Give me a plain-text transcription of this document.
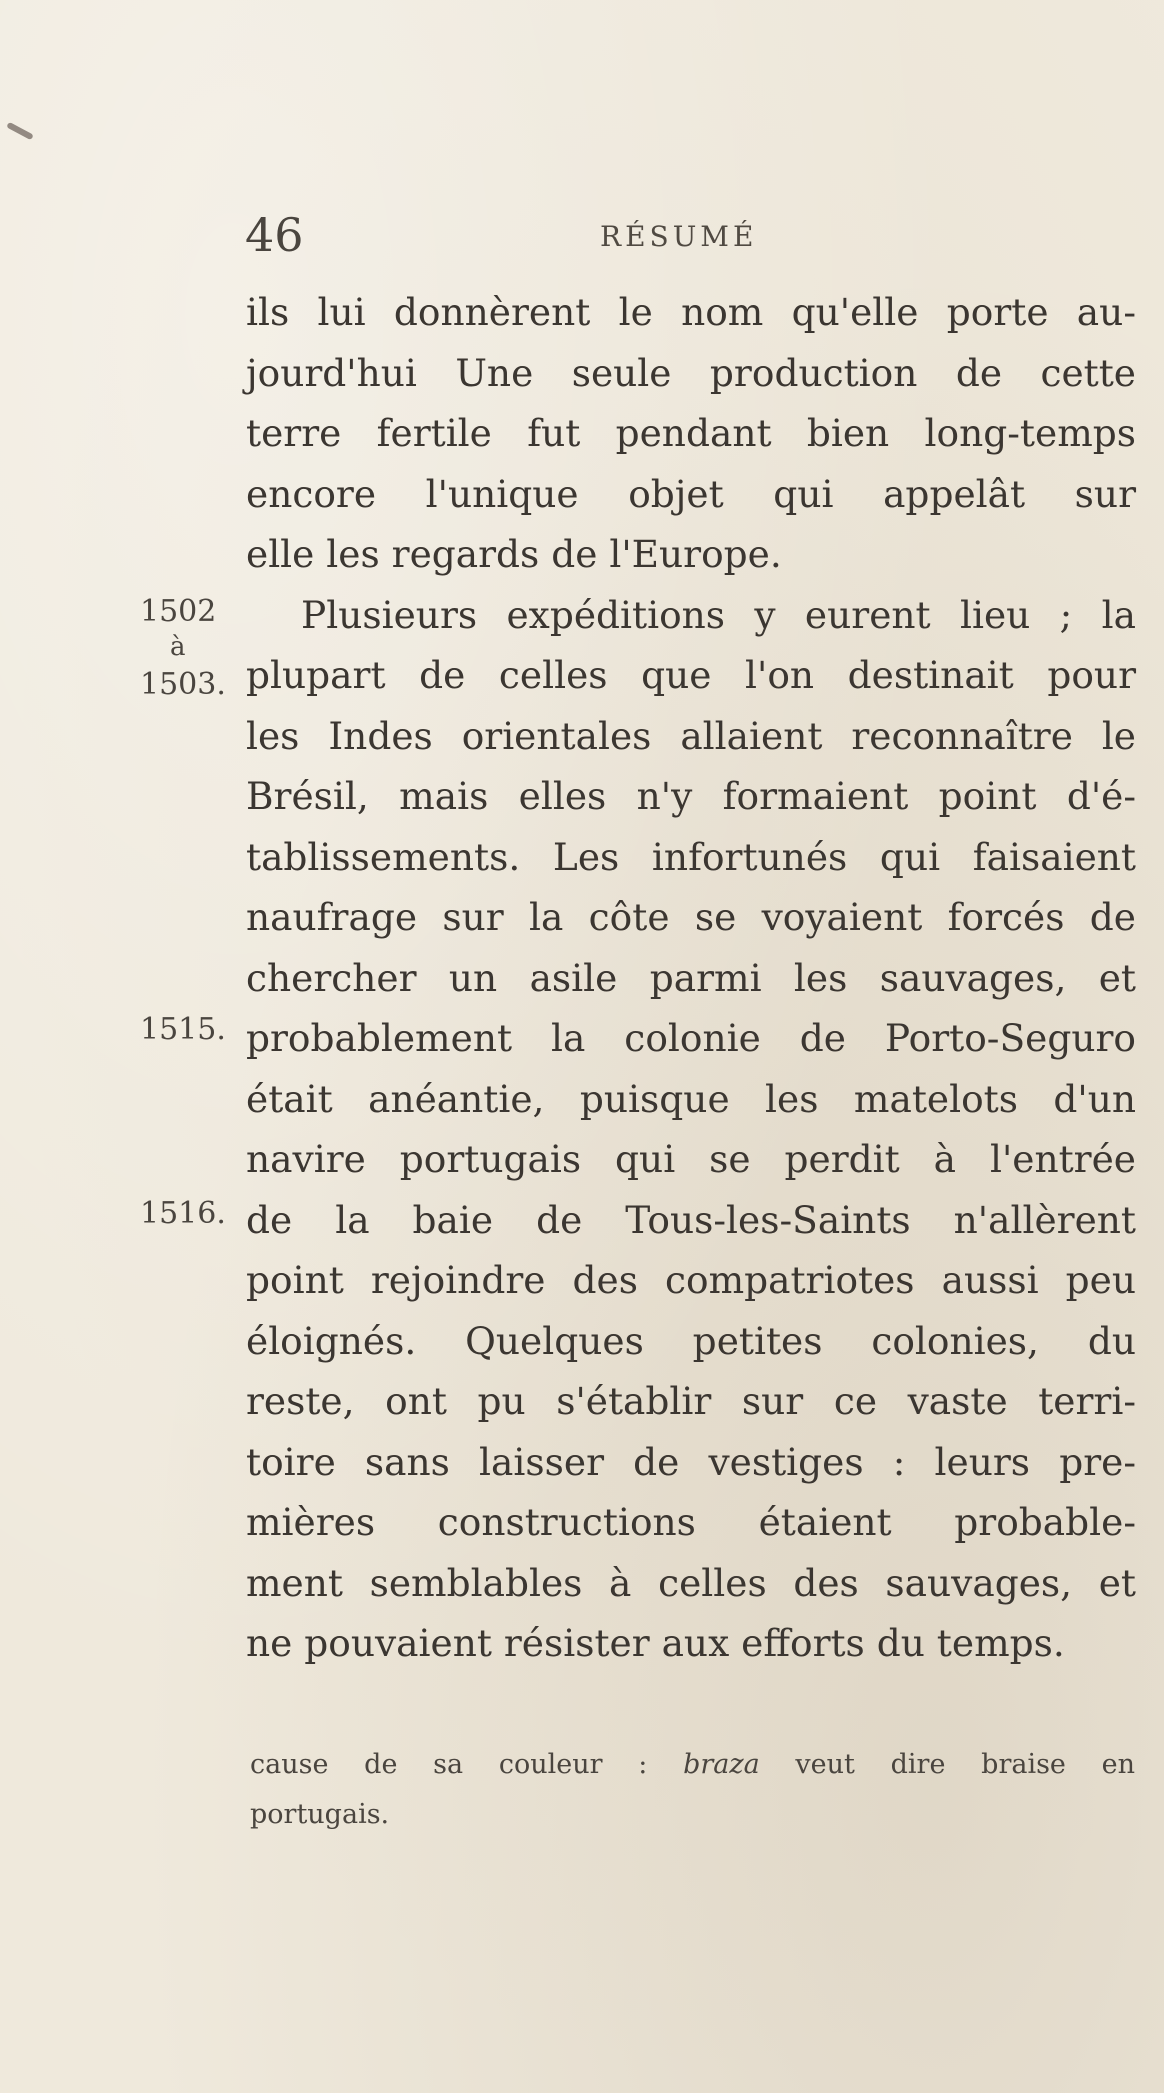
46	RÉSUMÉ
1502
à
1503.
1515.
1516.
ils lui donnèrent le nom qu'elle porte au-
jourd'hui Une seule production de cette
terre fertile fut pendant bien long-temps
encore l'unique objet qui appelât sur
elle les regards de l'Europe.
Plusieurs expéditions y eurent lieu ; la
plupart de celles que l'on destinait pour
les Indes orientales allaient reconnaître le
Brésil, mais elles n'y formaient point d'é-
tablissements. Les infortunés qui faisaient
naufrage sur la côte se voyaient forcés de
chercher un asile parmi les sauvages, et
probablement la colonie de Porto-Seguro
était anéantie, puisque les matelots d'un
navire portugais qui se perdit à l'entrée
de la baie de Tous-les-Saints n'allèrent
point rejoindre des compatriotes aussi peu
éloignés. Quelques petites colonies, du
reste, ont pu s'établir sur ce vaste terri-
toire sans laisser de vestiges : leurs pre-
mières constructions étaient probable-
ment semblables à celles des sauvages, et
ne pouvaient résister aux efforts du temps.
cause de sa couleur : braza veut dire braise en
portugais.
